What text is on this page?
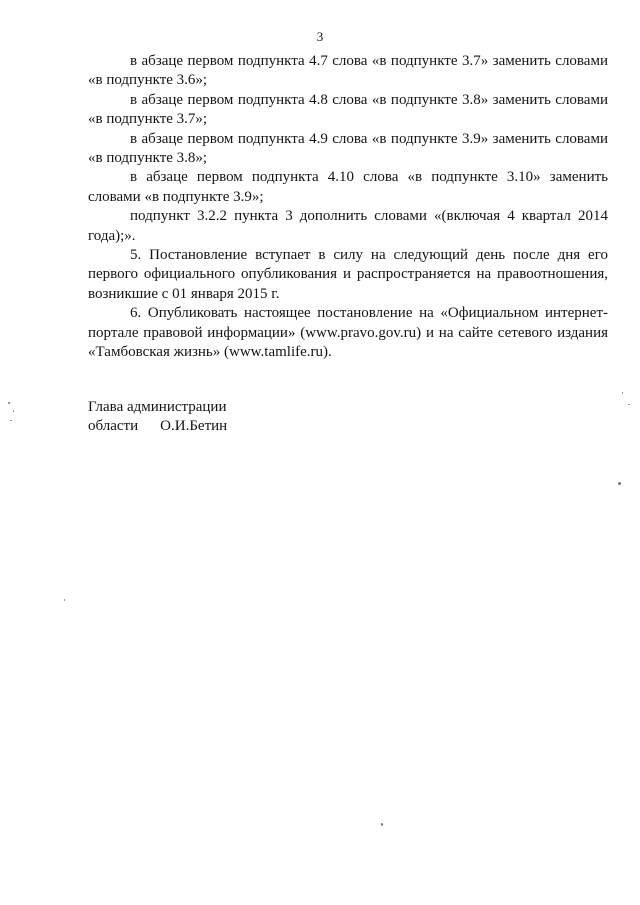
3

в абзаце первом подпункта 4.7 слова «в подпункте 3.7» заменить словами «в подпункте 3.6»;

в абзаце первом подпункта 4.8 слова «в подпункте 3.8» заменить словами «в подпункте 3.7»;

в абзаце первом подпункта 4.9 слова «в подпункте 3.9» заменить словами «в подпункте 3.8»;

в абзаце первом подпункта 4.10 слова «в подпункте 3.10» заменить словами «в подпункте 3.9»;

подпункт 3.2.2 пункта 3 дополнить словами «(включая 4 квартал 2014 года);».

5. Постановление вступает в силу на следующий день после дня его первого официального опубликования и распространяется на правоотношения, возникшие с 01 января 2015 г.

6. Опубликовать настоящее постановление на «Официальном интернет-портале правовой информации» (www.pravo.gov.ru) и на сайте сетевого издания «Тамбовская жизнь» (www.tamlife.ru).

Глава администрации
области О.И.Бетин
